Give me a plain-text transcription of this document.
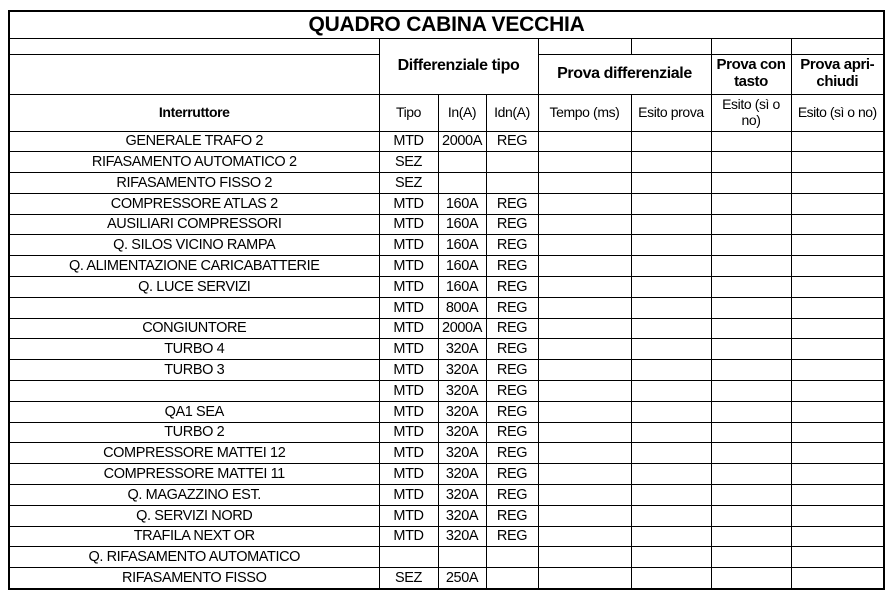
QUADRO CABINA VECCHIA							
	Differenziale tipo						
				Prova differenziale		Prova con tasto	Prova apri-chiudi
Interruttore	Tipo	In(A)	Idn(A)	Tempo (ms)	Esito prova	Esito (sì o no)	Esito (sì o no)
GENERALE TRAFO 2	MTD	2000A	REG				
RIFASAMENTO AUTOMATICO 2	SEZ						
RIFASAMENTO FISSO 2	SEZ						
COMPRESSORE ATLAS 2	MTD	160A	REG				
AUSILIARI COMPRESSORI	MTD	160A	REG				
Q. SILOS VICINO RAMPA	MTD	160A	REG				
Q. ALIMENTAZIONE CARICABATTERIE	MTD	160A	REG				
Q. LUCE SERVIZI	MTD	160A	REG				
	MTD	800A	REG				
CONGIUNTORE	MTD	2000A	REG				
TURBO 4	MTD	320A	REG				
TURBO 3	MTD	320A	REG				
	MTD	320A	REG				
QA1 SEA	MTD	320A	REG				
TURBO 2	MTD	320A	REG				
COMPRESSORE MATTEI 12	MTD	320A	REG				
COMPRESSORE MATTEI 11	MTD	320A	REG				
Q. MAGAZZINO EST.	MTD	320A	REG				
Q. SERVIZI NORD	MTD	320A	REG				
TRAFILA NEXT OR	MTD	320A	REG				
Q. RIFASAMENTO AUTOMATICO							
RIFASAMENTO FISSO	SEZ	250A					
